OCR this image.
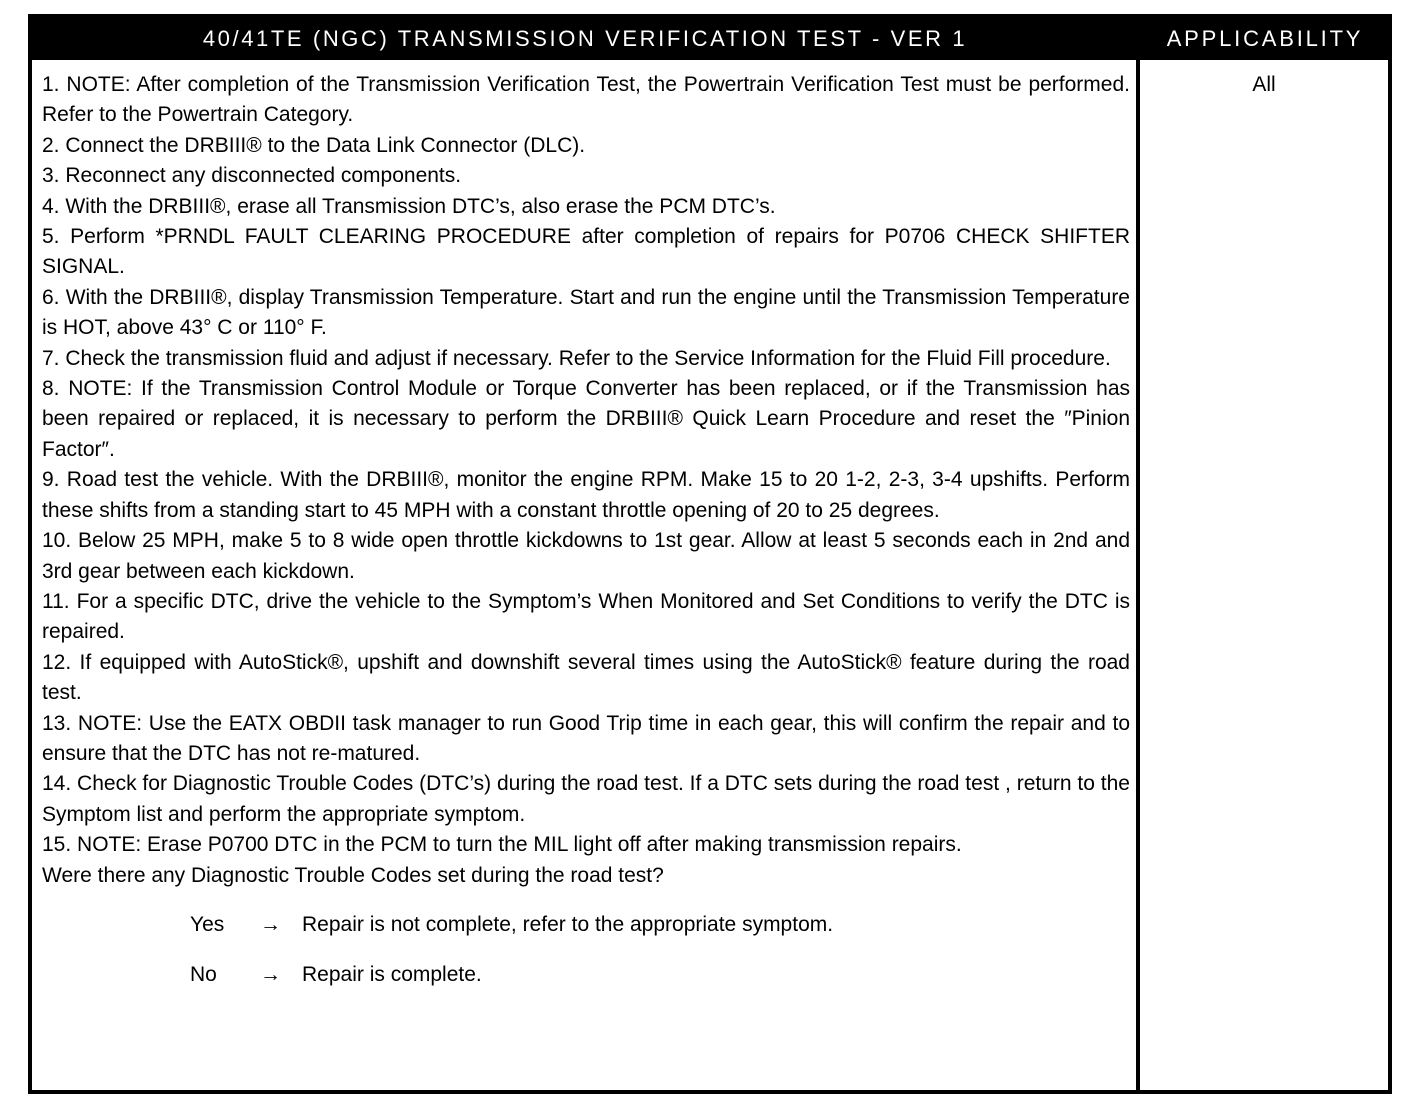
40/41TE (NGC) TRANSMISSION VERIFICATION TEST - VER 1	APPLICABILITY

1. NOTE: After completion of the Transmission Verification Test, the Powertrain Verification Test must be performed. Refer to the Powertrain Category.

2. Connect the DRBIII® to the Data Link Connector (DLC).

3. Reconnect any disconnected components.

4. With the DRBIII®, erase all Transmission DTC’s, also erase the PCM DTC’s.

5. Perform *PRNDL FAULT CLEARING PROCEDURE after completion of repairs for P0706 CHECK SHIFTER SIGNAL.

6. With the DRBIII®, display Transmission Temperature. Start and run the engine until the Transmission Temperature is HOT, above 43° C or 110° F.

7. Check the transmission fluid and adjust if necessary. Refer to the Service Information for the Fluid Fill procedure.

8. NOTE: If the Transmission Control Module or Torque Converter has been replaced, or if the Transmission has been repaired or replaced, it is necessary to perform the DRBIII® Quick Learn Procedure and reset the ″Pinion Factor″.

9. Road test the vehicle. With the DRBIII®, monitor the engine RPM. Make 15 to 20 1-2, 2-3, 3-4 upshifts. Perform these shifts from a standing start to 45 MPH with a constant throttle opening of 20 to 25 degrees.

10. Below 25 MPH, make 5 to 8 wide open throttle kickdowns to 1st gear. Allow at least 5 seconds each in 2nd and 3rd gear between each kickdown.

11. For a specific DTC, drive the vehicle to the Symptom’s When Monitored and Set Conditions to verify the DTC is repaired.

12. If equipped with AutoStick®, upshift and downshift several times using the AutoStick® feature during the road test.

13. NOTE: Use the EATX OBDII task manager to run Good Trip time in each gear, this will confirm the repair and to ensure that the DTC has not re-matured.

14. Check for Diagnostic Trouble Codes (DTC’s) during the road test. If a DTC sets during the road test , return to the Symptom list and perform the appropriate symptom.

15. NOTE: Erase P0700 DTC in the PCM to turn the MIL light off after making transmission repairs.

Were there any Diagnostic Trouble Codes set during the road test?

Yes → Repair is not complete, refer to the appropriate symptom.
No → Repair is complete.
All
